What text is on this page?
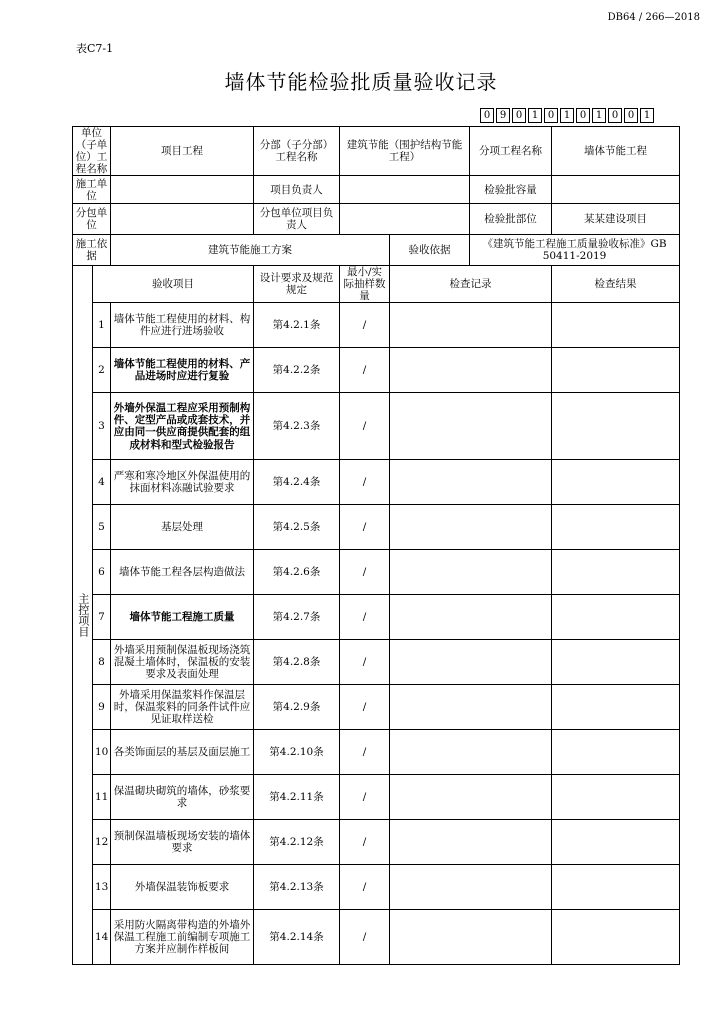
DB64 / 266—2018
表C7-1
墙体节能检验批质量验收记录
0 9 0 1 0 1 0 1 0 0 1
单位（子单位）工程名称		项目工程	分部（子分部）工程名称	建筑节能（围护结构节能工程）		分项工程名称	墙体节能工程
施工单位			项目负责人			检验批容量	
分包单位			分包单位项目负责人			检验批部位	某某建设项目
施工依据		建筑节能施工方案			验收依据	《建筑节能工程施工质量验收标准》GB 50411-2019	
主控项目	验收项目		设计要求及规范规定	最小/实际抽样数量	检查记录		检查结果
	1	墙体节能工程使用的材料、构件应进行进场验收	第4.2.1条	/			
	2	墙体节能工程使用的材料、产品进场时应进行复验	第4.2.2条	/			
	3	外墙外保温工程应采用预制构件、定型产品或成套技术，并应由同一供应商提供配套的组成材料和型式检验报告	第4.2.3条	/			
	4	严寒和寒冷地区外保温使用的抹面材料冻融试验要求	第4.2.4条	/			
	5	基层处理	第4.2.5条	/			
	6	墙体节能工程各层构造做法	第4.2.6条	/			
	7	墙体节能工程施工质量	第4.2.7条	/			
	8	外墙采用预制保温板现场浇筑混凝土墙体时，保温板的安装要求及表面处理	第4.2.8条	/			
	9	外墙采用保温浆料作保温层时，保温浆料的同条件试件应见证取样送检	第4.2.9条	/			
	10	各类饰面层的基层及面层施工	第4.2.10条	/			
	11	保温砌块砌筑的墙体，砂浆要求	第4.2.11条	/			
	12	预制保温墙板现场安装的墙体要求	第4.2.12条	/			
	13	外墙保温装饰板要求	第4.2.13条	/			
	14	采用防火隔离带构造的外墙外保温工程施工前编制专项施工方案并应制作样板间	第4.2.14条	/			
